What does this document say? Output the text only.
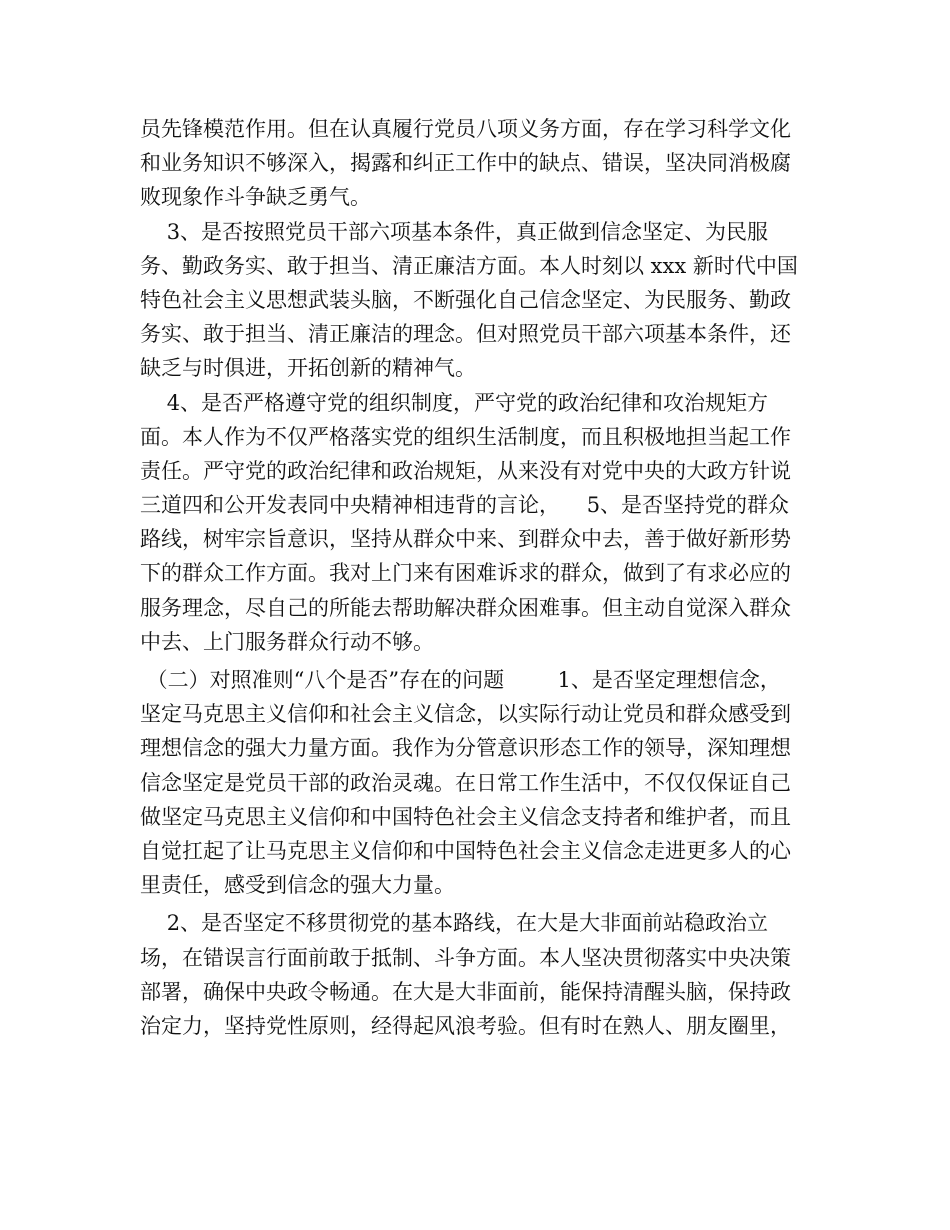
员先锋模范作用。但在认真履行党员八项义务方面，存在学习科学文化
和业务知识不够深入，揭露和纠正工作中的缺点、错误，坚决同消极腐
败现象作斗争缺乏勇气。
3、是否按照党员干部六项基本条件，真正做到信念坚定、为民服
务、勤政务实、敢于担当、清正廉洁方面。本人时刻以 xxx 新时代中国
特色社会主义思想武装头脑，不断强化自己信念坚定、为民服务、勤政
务实、敢于担当、清正廉洁的理念。但对照党员干部六项基本条件，还
缺乏与时俱进，开拓创新的精神气。
4、是否严格遵守党的组织制度，严守党的政治纪律和攻治规矩方
面。本人作为不仅严格落实党的组织生活制度，而且积极地担当起工作
责任。严守党的政治纪律和政治规矩，从来没有对党中央的大政方针说
三道四和公开发表同中央精神相违背的言论，    5、是否坚持党的群众
路线，树牢宗旨意识，坚持从群众中来、到群众中去，善于做好新形势
下的群众工作方面。我对上门来有困难诉求的群众，做到了有求必应的
服务理念，尽自己的所能去帮助解决群众困难事。但主动自觉深入群众
中去、上门服务群众行动不够。
（二）对照准则“八个是否”存在的问题        1、是否坚定理想信念，
坚定马克思主义信仰和社会主义信念，以实际行动让党员和群众感受到
理想信念的强大力量方面。我作为分管意识形态工作的领导，深知理想
信念坚定是党员干部的政治灵魂。在日常工作生活中，不仅仅保证自己
做坚定马克思主义信仰和中国特色社会主义信念支持者和维护者，而且
自觉扛起了让马克思主义信仰和中国特色社会主义信念走进更多人的心
里责任，感受到信念的强大力量。
2、是否坚定不移贯彻党的基本路线，在大是大非面前站稳政治立
场，在错误言行面前敢于抵制、斗争方面。本人坚决贯彻落实中央决策
部署，确保中央政令畅通。在大是大非面前，能保持清醒头脑，保持政
治定力，坚持党性原则，经得起风浪考验。但有时在熟人、朋友圈里，
